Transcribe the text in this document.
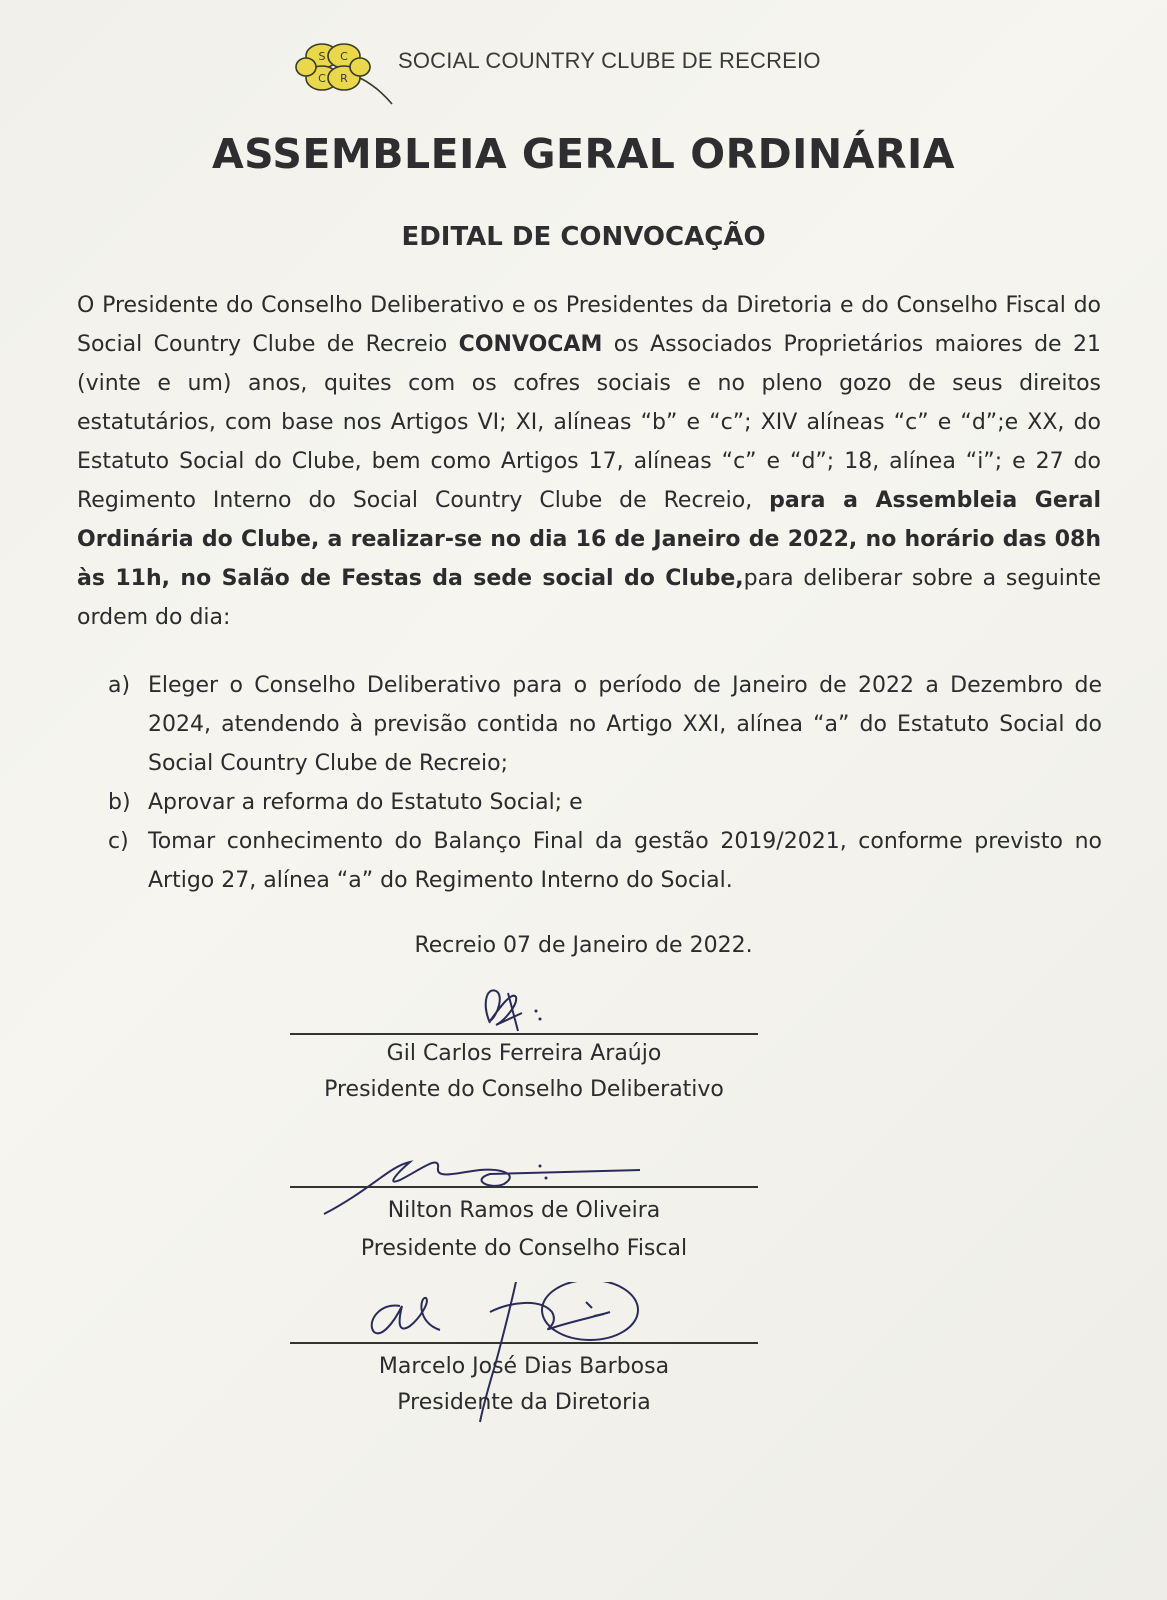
S C
C R
SOCIAL COUNTRY CLUBE DE RECREIO
ASSEMBLEIA GERAL ORDINÁRIA
EDITAL DE CONVOCAÇÃO
O Presidente do Conselho Deliberativo e os Presidentes da Diretoria e do Conselho Fiscal do Social Country Clube de Recreio CONVOCAM os Associados Proprietários maiores de 21 (vinte e um) anos, quites com os cofres sociais e no pleno gozo de seus direitos estatutários, com base nos Artigos VI; XI, alíneas “b” e “c”; XIV alíneas “c” e “d”;e XX, do Estatuto Social do Clube, bem como Artigos 17, alíneas “c” e “d”; 18, alínea “i”; e 27 do Regimento Interno do Social Country Clube de Recreio, para a Assembleia Geral Ordinária do Clube, a realizar-se no dia 16 de Janeiro de 2022, no horário das 08h às 11h, no Salão de Festas da sede social do Clube,para deliberar sobre a seguinte ordem do dia:
a) Eleger o Conselho Deliberativo para o período de Janeiro de 2022 a Dezembro de 2024, atendendo à previsão contida no Artigo XXI, alínea “a” do Estatuto Social do Social Country Clube de Recreio;
b) Aprovar a reforma do Estatuto Social; e
c) Tomar conhecimento do Balanço Final da gestão 2019/2021, conforme previsto no Artigo 27, alínea “a” do Regimento Interno do Social.
Recreio 07 de Janeiro de 2022.
Gil Carlos Ferreira Araújo
Presidente do Conselho Deliberativo
Nilton Ramos de Oliveira
Presidente do Conselho Fiscal
Marcelo José Dias Barbosa
Presidente da Diretoria
